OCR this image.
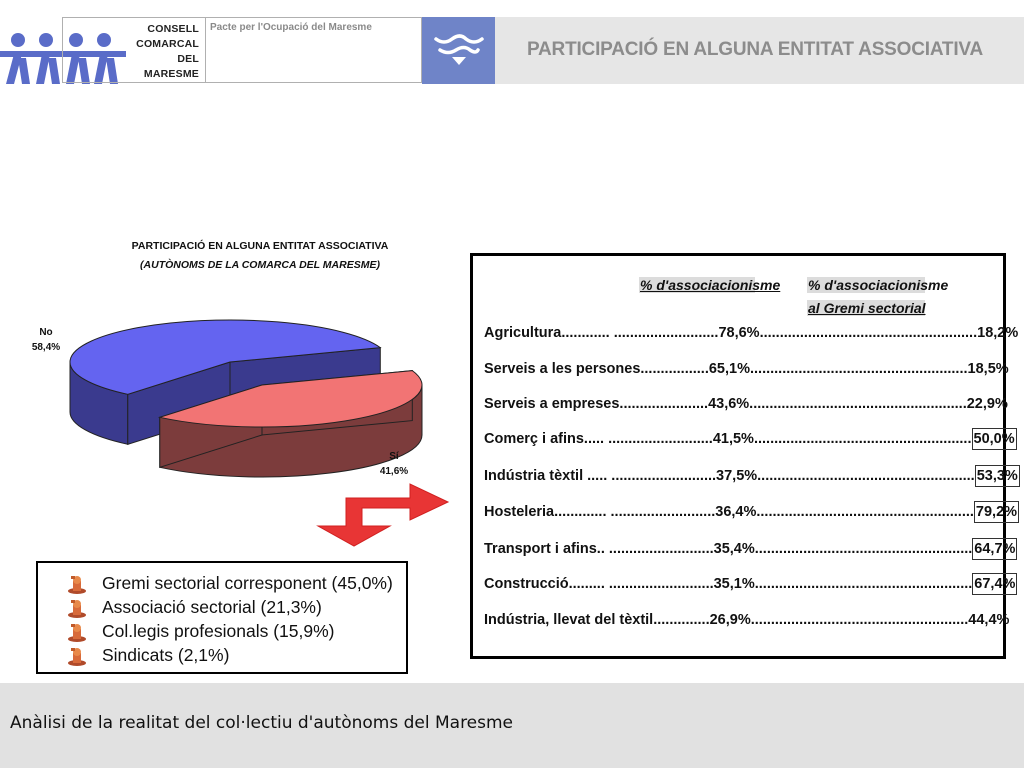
CONSELL
COMARCAL
DEL
MARESME
Pacte per l'Ocupació del Maresme
PARTICIPACIÓ EN ALGUNA ENTITAT ASSOCIATIVA
PARTICIPACIÓ EN ALGUNA ENTITAT ASSOCIATIVA
(AUTÒNOMS DE LA COMARCA DEL MARESME)
No
58,4%
Sí
41,6%
Gremi sectorial corresponent (45,0%)
Associació sectorial (21,3%)
Col.legis profesionals (15,9%)
Sindicats (2,1%)
% d'associacionisme % d'associacionisme
al Gremi sectorial
Agricultura............ ..........................78,6%......................................................18,2%
Serveis a les persones.................65,1%......................................................18,5%
Serveis a empreses......................43,6%......................................................22,9%
Comerç i afins..... ..........................41,5%...................................................... 50,0%
Indústria tèxtil ..... ..........................37,5%...................................................... 53,3%
Hosteleria............. ..........................36,4%...................................................... 79,2%
Transport i afins.. ..........................35,4%...................................................... 64,7%
Construcció......... ..........................35,1%...................................................... 67,4%
Indústria, llevat del tèxtil..............26,9%......................................................44,4%
Anàlisi de la realitat del col·lectiu d'autònoms del Maresme
